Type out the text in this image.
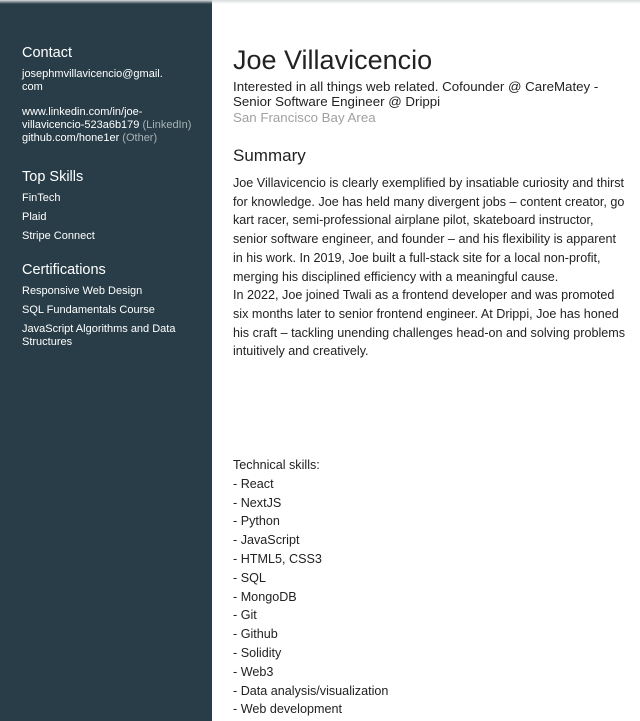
Contact

josephmvillavicencio@gmail.

com

www.linkedin.com/in/joe-

villavicencio-523a6b179 (LinkedIn)

github.com/hone1er (Other)

Top Skills

FinTech

Plaid

Stripe Connect

Certifications

Responsive Web Design

SQL Fundamentals Course

JavaScript Algorithms and Data

Structures

Joe Villavicencio
Interested in all things web related. Cofounder @ CareMatey -
Senior Software Engineer @ Drippi

San Francisco Bay Area

Summary

Joe Villavicencio is clearly exemplified by insatiable curiosity and thirst for knowledge. Joe has held many divergent jobs – content creator, go kart racer, semi-professional airplane pilot, skateboard instructor, senior software engineer, and founder – and his flexibility is apparent in his work. In 2019, Joe built a full-stack site for a local non-profit, merging his disciplined efficiency with a meaningful cause.

In 2022, Joe joined Twali as a frontend developer and was promoted six months later to senior frontend engineer. At Drippi, Joe has honed his craft – tackling unending challenges head-on and solving problems intuitively and creatively.

Technical skills:
- React
- NextJS
- Python
- JavaScript
- HTML5, CSS3
- SQL
- MongoDB
- Git
- Github
- Solidity
- Web3
- Data analysis/visualization
- Web development
